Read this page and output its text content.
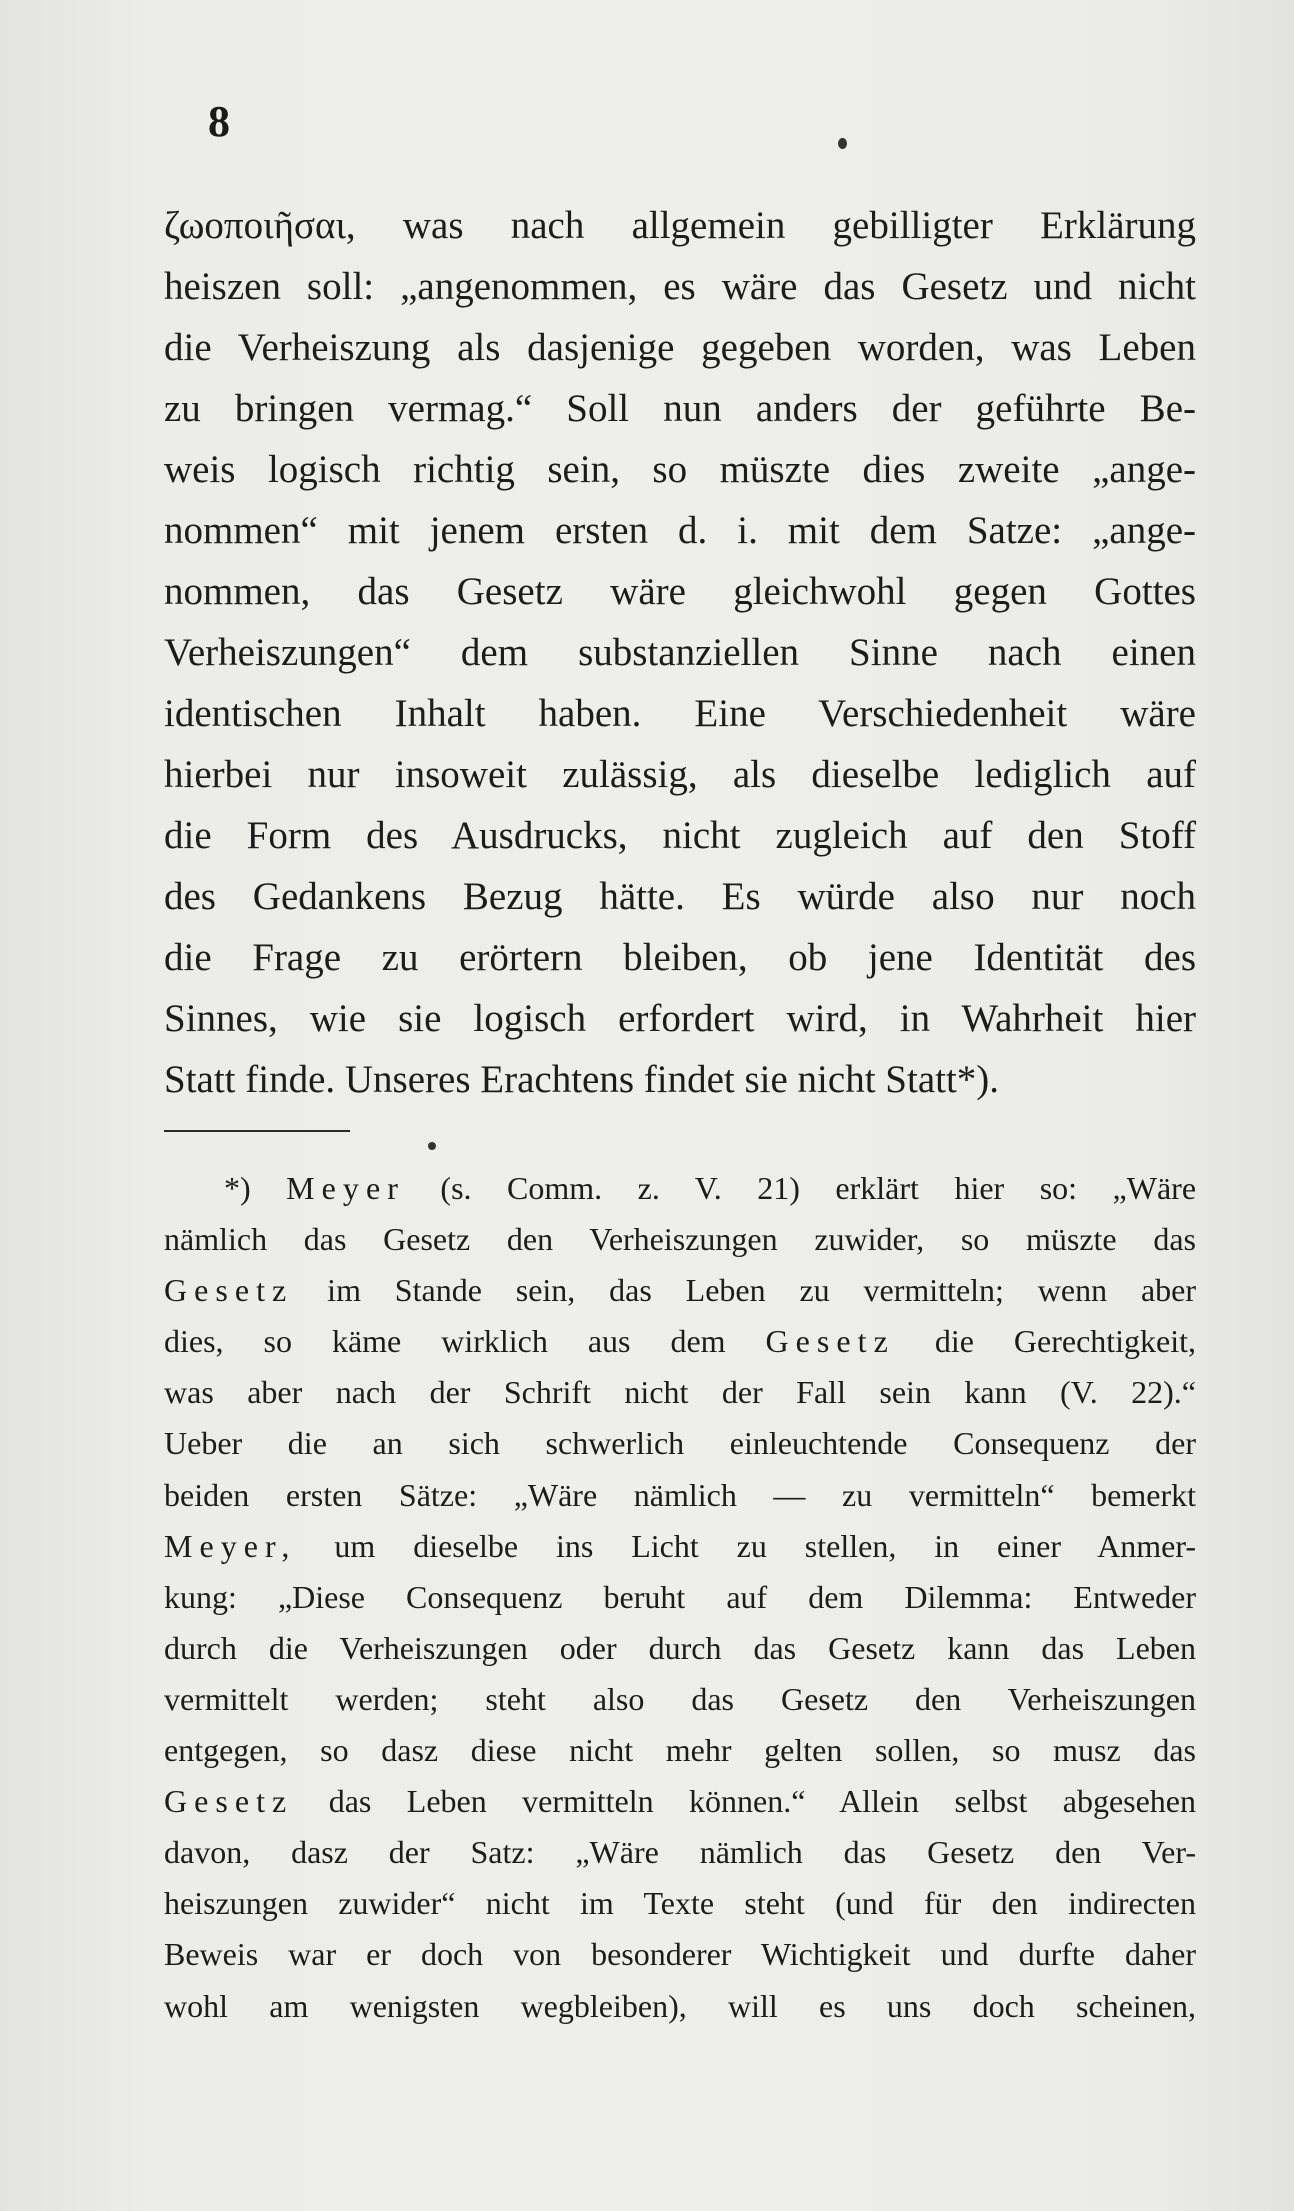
8
ζωοποιῆσαι, was nach allgemein gebilligter Erklärung
heiszen soll: „angenommen, es wäre das Gesetz und nicht
die Verheiszung als dasjenige gegeben worden, was Leben
zu bringen vermag.“ Soll nun anders der geführte Be-
weis logisch richtig sein, so müszte dies zweite „ange-
nommen“ mit jenem ersten d. i. mit dem Satze: „ange-
nommen, das Gesetz wäre gleichwohl gegen Gottes
Verheiszungen“ dem substanziellen Sinne nach einen
identischen Inhalt haben. Eine Verschiedenheit wäre
hierbei nur insoweit zulässig, als dieselbe lediglich auf
die Form des Ausdrucks, nicht zugleich auf den Stoff
des Gedankens Bezug hätte. Es würde also nur noch
die Frage zu erörtern bleiben, ob jene Identität des
Sinnes, wie sie logisch erfordert wird, in Wahrheit hier
Statt finde. Unseres Erachtens findet sie nicht Statt*).
*) Meyer (s. Comm. z. V. 21) erklärt hier so: „Wäre
nämlich das Gesetz den Verheiszungen zuwider, so müszte das
Gesetz im Stande sein, das Leben zu vermitteln; wenn aber
dies, so käme wirklich aus dem Gesetz die Gerechtigkeit,
was aber nach der Schrift nicht der Fall sein kann (V. 22).“
Ueber die an sich schwerlich einleuchtende Consequenz der
beiden ersten Sätze: „Wäre nämlich — zu vermitteln“ bemerkt
Meyer, um dieselbe ins Licht zu stellen, in einer Anmer-
kung: „Diese Consequenz beruht auf dem Dilemma: Entweder
durch die Verheiszungen oder durch das Gesetz kann das Leben
vermittelt werden; steht also das Gesetz den Verheiszungen
entgegen, so dasz diese nicht mehr gelten sollen, so musz das
Gesetz das Leben vermitteln können.“ Allein selbst abgesehen
davon, dasz der Satz: „Wäre nämlich das Gesetz den Ver-
heiszungen zuwider“ nicht im Texte steht (und für den indirecten
Beweis war er doch von besonderer Wichtigkeit und durfte daher
wohl am wenigsten wegbleiben), will es uns doch scheinen,
